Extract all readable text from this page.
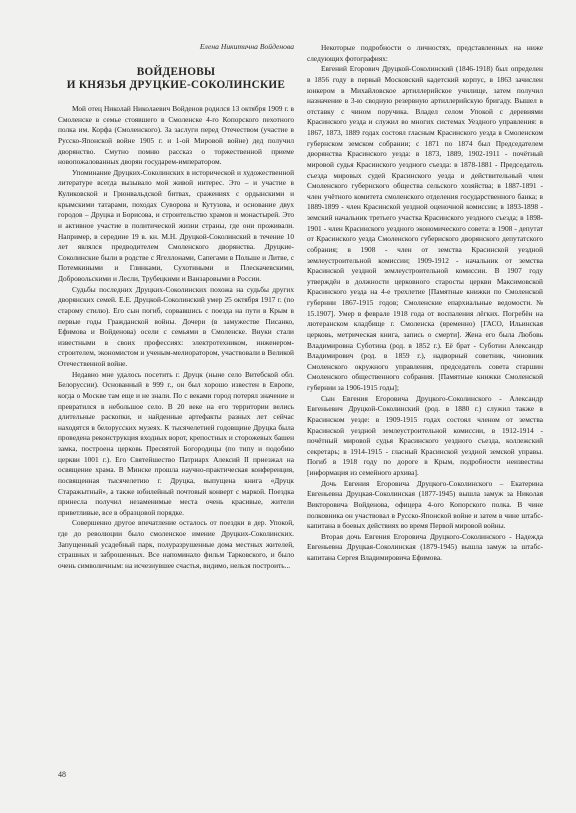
Елена Никитична Войденова
ВОЙДЕНОВЫ
И КНЯЗЬЯ ДРУЦКИЕ-СОКОЛИНСКИЕ

Мой отец Николай Николаевич Войденов родился 13 октября 1909 г. в Смоленске в семье стоявшего в Смоленске 4-го Копорского пехотного полка им. Корфа (Смоленского). За заслуги перед Отечеством (участие в Русско-Японской войне 1905 г. и 1-ой Мировой войне) дед получил дворянство. Смутно помню рассказ о торжественной приеме новопожалованных дворян государем-императором.

Упоминание Друцких-Соколинских в исторической и художественной литературе всегда вызывало мой живой интерес. Это – и участие в Куликовской и Грюнвальдской битвах, сражениях с ордынскими и крымскими татарами, походах Суворова и Кутузова, и основание двух городов – Друцка и Борисова, и строительство храмов и монастырей. Это и активное участие в политической жизни страны, где они проживали. Например, в середине 19 в. кн. М.Н. Друцкой-Соколинский в течение 10 лет являлся предводителем Смоленского дворянства. Друцкие-Соколинские были в родстве с Ягеллонами, Сапегами в Польше и Литве, с Потемкиными и Глинками, Сухотиными и Плескачевскими, Добровольскими и Лесли, Трубецкими и Ванзаровыми в России.

Судьбы последних Друцких-Соколинских похожа на судьбы других дворянских семей. Е.Е. Друцкой-Соколинский умер 25 октября 1917 г. (по старому стилю). Его сын погиб, сорвавшись с поезда на пути в Крым в первые годы Гражданской войны. Дочери (в замужестве Писанко, Ефимова и Войденова) осели с семьями в Смоленске. Внуки стали известными в своих профессиях: электротехником, инженером-строителем, экономистом и ученым-мелиоратором, участвовали в Великой Отечественной войне.

Недавно мне удалось посетить г. Друцк (ныне село Витебской обл. Белоруссии). Основанный в 999 г., он был хорошо известен в Европе, когда о Москве там еще и не знали. По с веками город потерял значение и превратился в небольшое село. В 20 веке на его территории велись длительные раскопки, и найденные артефакты разных лет сейчас находятся в белорусских музеях. К тысячелетней годовщине Друцка была проведена реконструкция входных ворот, крепостных и сторожевых башен замка, построена церковь Пресвятой Богородицы (по типу и подобию церкви 1001 г.). Его Святейшество Патриарх Алексий II приезжал на освящение храма. В Минске прошла научно-практическая конференция, посвященная тысячелетию г. Друцка, выпущена книга «Друцк Старажытный», а также юбилейный почтовый конверт с маркой. Поездка принесла получил незаменимые места очень красивые, жители приветливые, все в образцовой порядке.

Совершенно другое впечатление осталось от поездки в дер. Упокой, где до революции было смоленское имение Друцких-Соколинских. Запущенный усадебный парк, полуразрушенные дома местных жителей, страшных и заброшенных. Все напоминало фильм Тарковского, и было очень символичным: на исчезнувшее счастья, видимо, нельзя построить...

Некоторые подробности о личностях, представленных на ниже следующих фотографиях:

Евгений Егорович Друцкой-Соколинский (1846-1918) был определен в 1856 году в первый Московский кадетский корпус, в 1863 зачислен юнкером в Михайловское артиллерийское училище, затем получил назначение в 3-ю сводную резервную артиллерийскую бригаду. Вышел в отставку с чином поручика. Владел селом Упокой с деревнями Красинского уезда и служил во многих системах Уездного управления: в 1867, 1873, 1889 годах состоял гласным Красинского уезда в Смоленском губернском земском собрании; с 1871 по 1874 был Председателем дворянства Красинского уезда: в 1873, 1889, 1902-1911 - почётный мировой судья Красинского уездного съезда: в 1878-1881 - Председатель съезда мировых судей Красинского уезда и действительный член Смоленского губернского общества сельского хозяйства; в 1887-1891 - член учётного комитета смоленского отделения государственного банка; в 1889-1899 - член Красинской уездной оценочной комиссии; в 1893-1898 - земский начальник третьего участка Красинского уездного съезда; в 1898-1901 - член Красинского уездного экономического совета: в 1908 - депутат от Красинского уезда Смоленского губернского дворянского депутатского собрания; в 1908 - член от земства Красинской уездной землеустроительной комиссии; 1909-1912 - начальник от земства Красинской уездной землеустроительной комиссии. В 1907 году утверждён в должности церковного старосты церкви Максимовской Красинского уезда на 4-е трехлетие [Памятные книжки по Смоленской губернии 1867-1915 годов; Смоленские епархиальные ведомости.№ 15.1907]. Умер в феврале 1918 года от воспаления лёгких. Погребён на лютеранском кладбище г. Смоленска (временно) [ГАСО, Ильинская церковь, метрическая книга, запись о смерти]. Жена его была Любовь Владимировна Суботина (род. в 1852 г.). Её брат - Суботин Александр Владимирович (род. в 1859 г.), надворный советник, чиновник Смоленского окружного управления, председатель совета старшин Смоленского общественного собрания. [Памятные книжки Смоленской губернии за 1906-1915 годы];

Сын Евгения Егоровича Друцкого-Соколинского - Александр Евгеньевич Друцкой-Соколинский (род. в 1880 г.) служил также в Красинском уезде: в 1909-1915 годах состоял членом от земства Красинской уездной землеустроительной комиссии, в 1912-1914 - почётный мировой судья Красинского уездного съезда, коллежский секретарь; в 1914-1915 - гласный Красинской уездной земской управы. Погиб в 1918 году по дороге в Крым, подробности неизвестны [информация из семейного архива].

Дочь Евгения Егоровича Друцкого-Соколинского – Екатерина Евгеньевна Друцкая-Соколинская (1877-1945) вышла замуж за Николая Викторовича Войденова, офицера 4-ого Копорского полка. В чине полковника он участвовал в Русско-Японской войне и затем в чине штабс-капитана в боевых действиях во время Первой мировой войны.

Вторая дочь Евгения Егоровича Друцкого-Соколинского - Надежда Евгеньевна Друцкая-Соколинская (1879-1945) вышла замуж за штабс-капитана Сергея Владимировича Ефимова.

48
